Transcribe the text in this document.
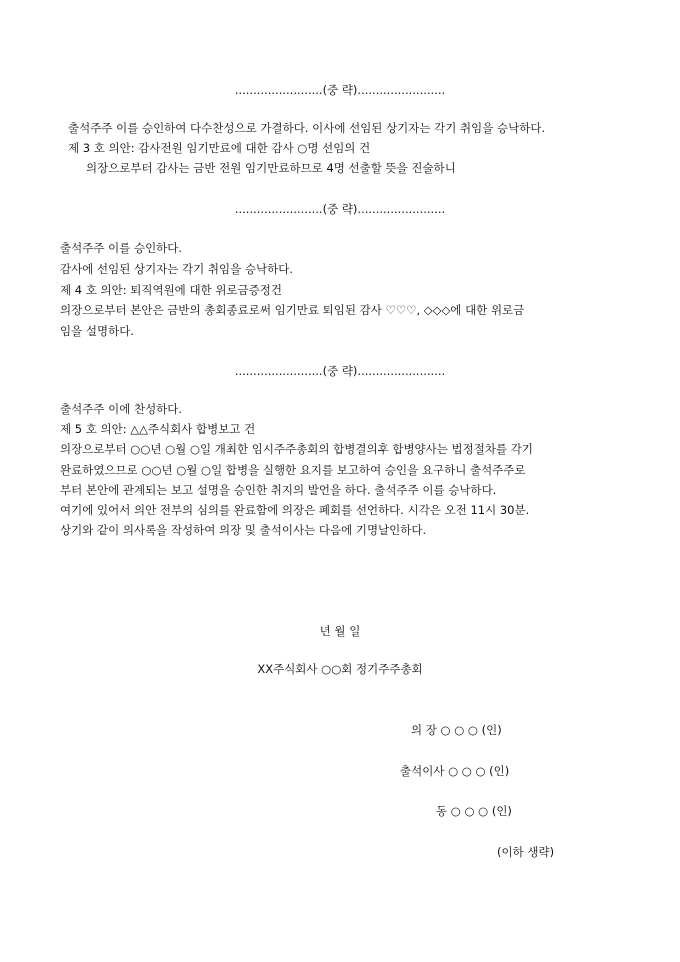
........................(중 략)........................
출석주주 이를 승인하여 다수찬성으로 가결하다. 이사에 선임된 상기자는 각기 취임을 승낙하다.
제 3 호 의안: 감사전원 임기만료에 대한 감사 ○명 선임의 건
의장으로부터 감사는 금반 전원 임기만료하므로 4명 선출할 뜻을 진술하니
........................(중 략)........................
출석주주 이를 승인하다.
감사에 선임된 상기자는 각기 취임을 승낙하다.
제 4 호 의안: 퇴직역원에 대한 위로금증정건
의장으로부터 본안은 금반의 총회종료로써 임기만료 퇴임된 감사 ♡♡♡, ◇◇◇에 대한 위로금
임을 설명하다.
........................(중 략)........................
출석주주 이에 찬성하다.
제 5 호 의안: △△주식회사 합병보고 건
의장으로부터 ○○년 ○월 ○일 개최한 임시주주총회의 합병결의후 합병양사는 법정절차를 각기
완료하였으므로 ○○년 ○월 ○일 합병을 실행한 요지를 보고하여 승인을 요구하니 출석주주로
부터 본안에 관계되는 보고 설명을 승인한 취지의 발언을 하다. 출석주주 이를 승낙하다.
여기에 있어서 의안 전부의 심의를 완료함에 의장은 폐회를 선언하다. 시각은 오전 11시 30분.
상기와 같이 의사록을 작성하여 의장 및 출석이사는 다음에 기명날인하다.
년 월 일
XX주식회사 ○○회 정기주주총회
의 장 ○ ○ ○ (인)
출석이사 ○ ○ ○ (인)
동 ○ ○ ○ (인)
(이하 생략)
